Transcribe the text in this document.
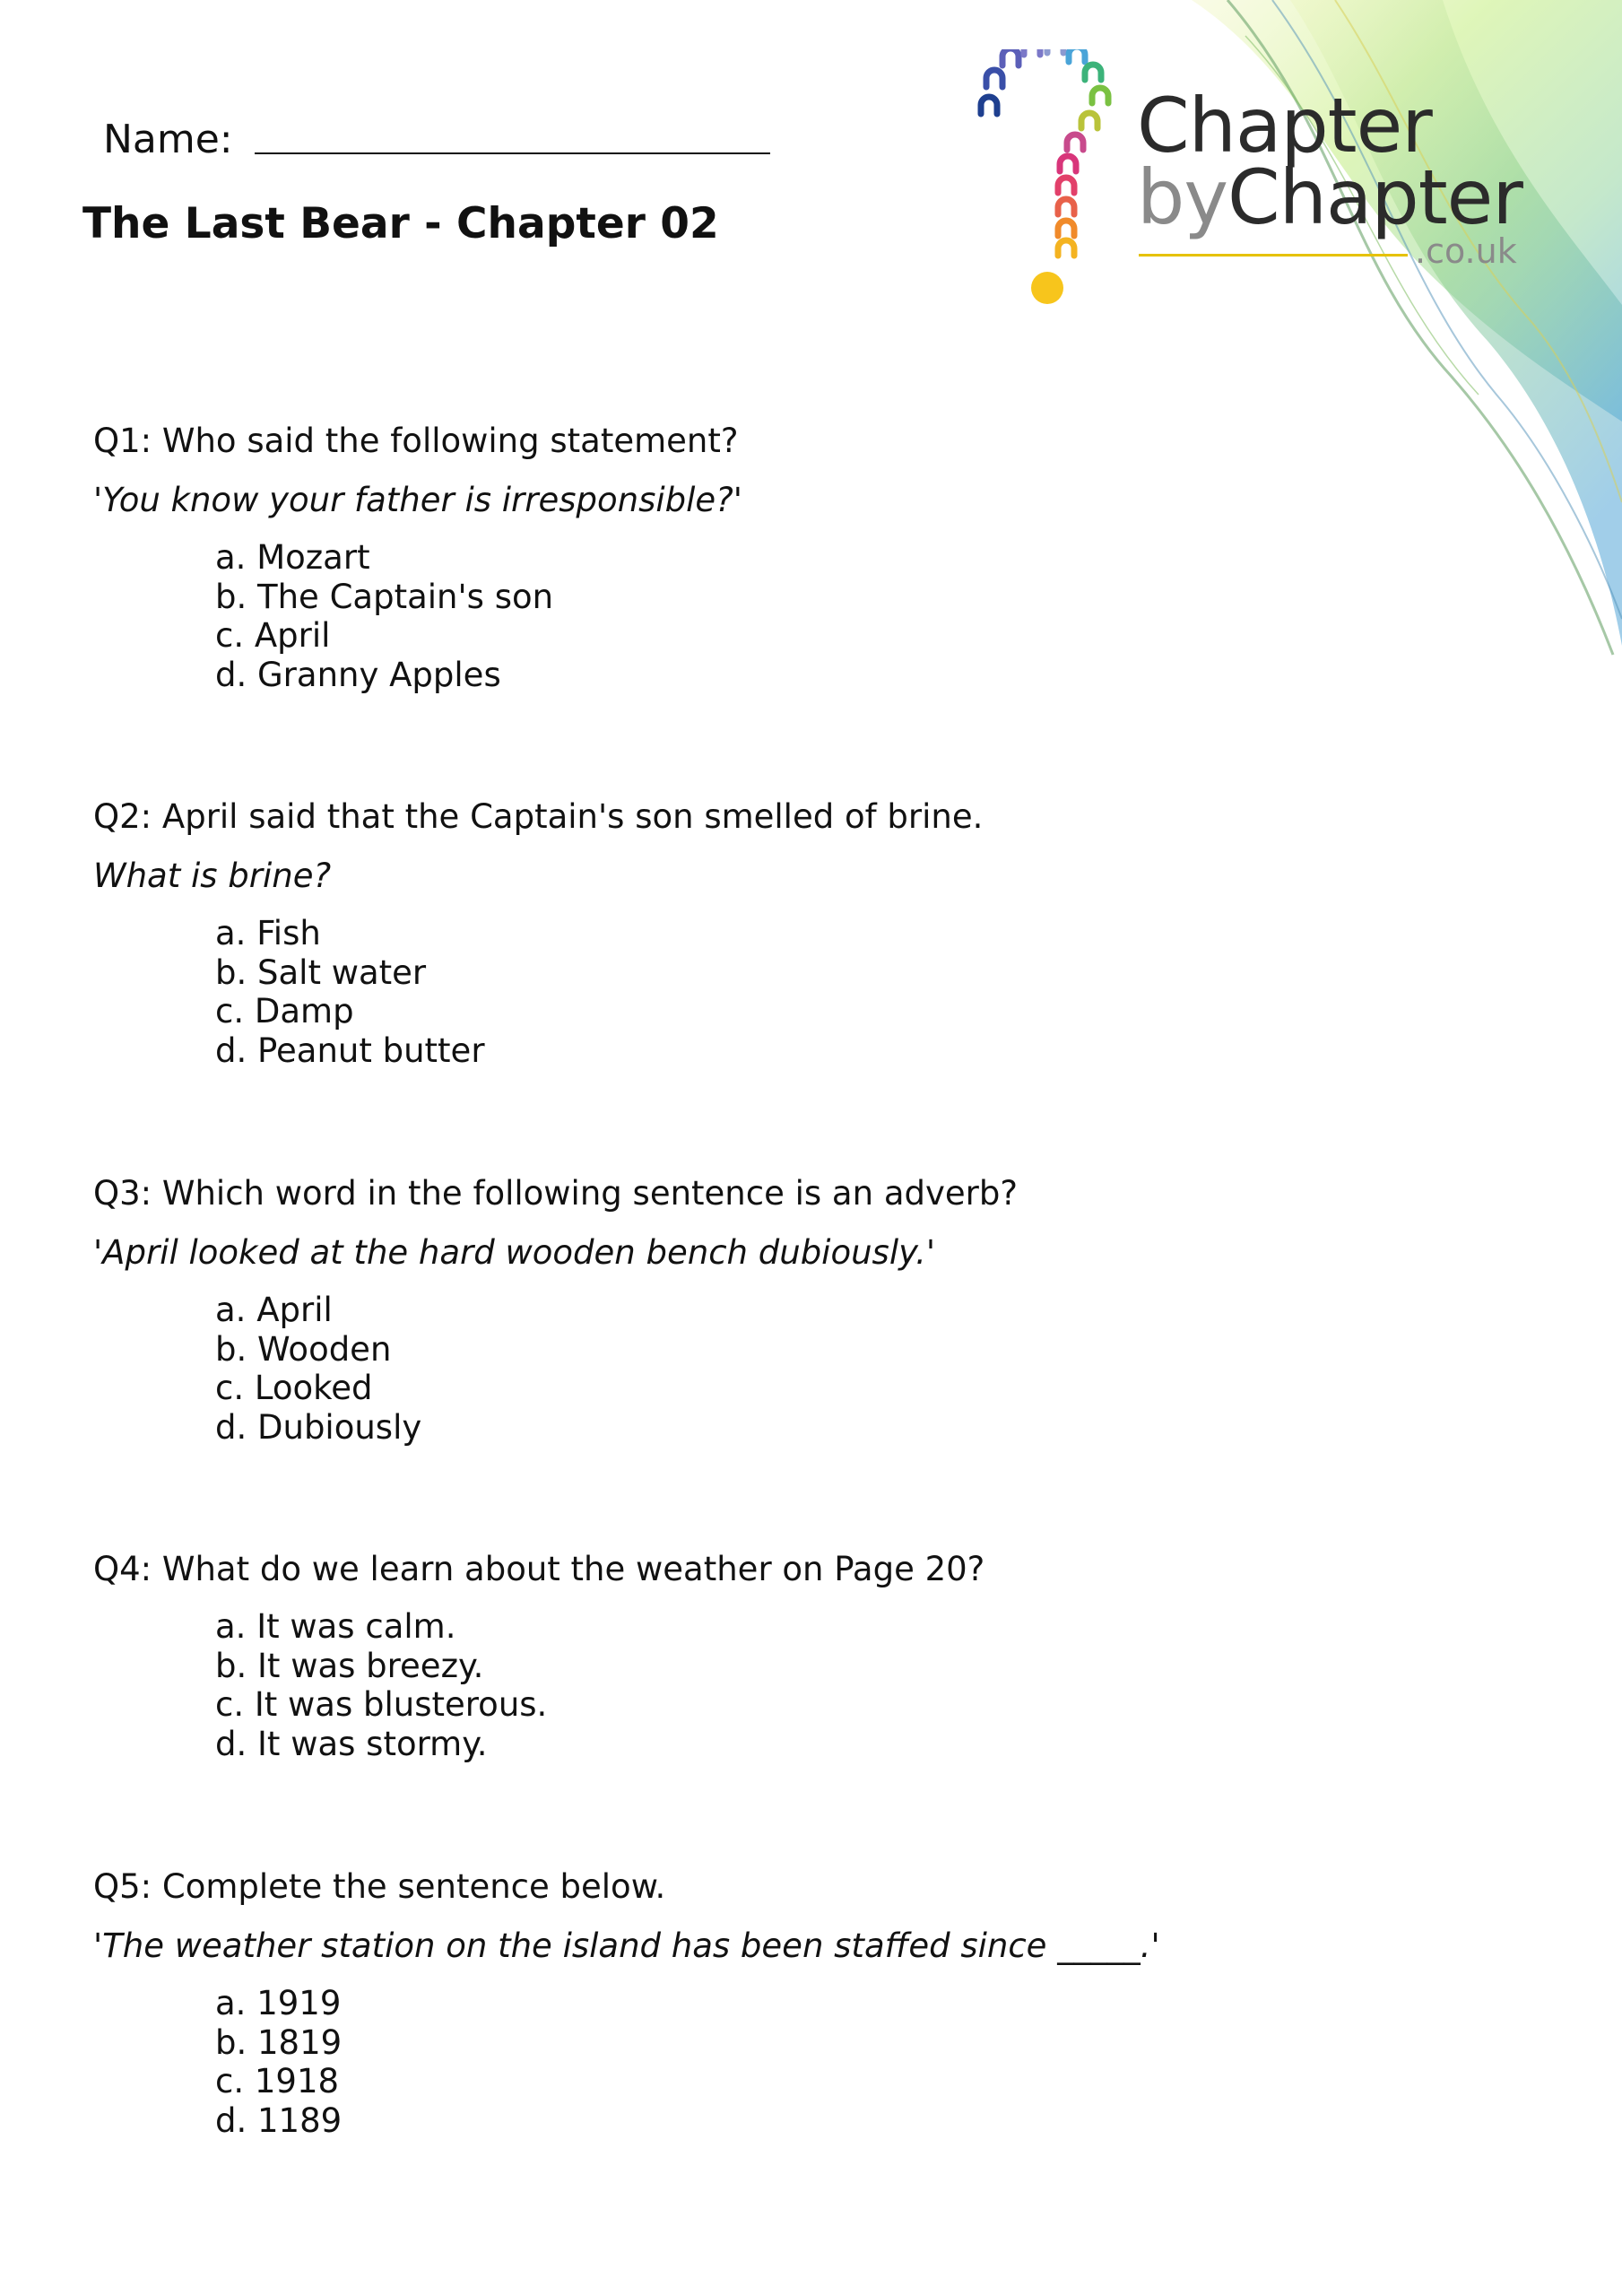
Chapter
byChapter
.co.uk
Name:
The Last Bear - Chapter 02
Q1: Who said the following statement?
'You know your father is irresponsible?'
a. Mozart
b. The Captain's son
c. April
d. Granny Apples
Q2: April said that the Captain's son smelled of brine.
What is brine?
a. Fish
b. Salt water
c. Damp
d. Peanut butter
Q3: Which word in the following sentence is an adverb?
'April looked at the hard wooden bench dubiously.'
a. April
b. Wooden
c. Looked
d. Dubiously
Q4: What do we learn about the weather on Page 20?
a. It was calm.
b. It was breezy.
c. It was blusterous.
d. It was stormy.
Q5: Complete the sentence below.
'The weather station on the island has been staffed since _____.'
a. 1919
b. 1819
c. 1918
d. 1189
